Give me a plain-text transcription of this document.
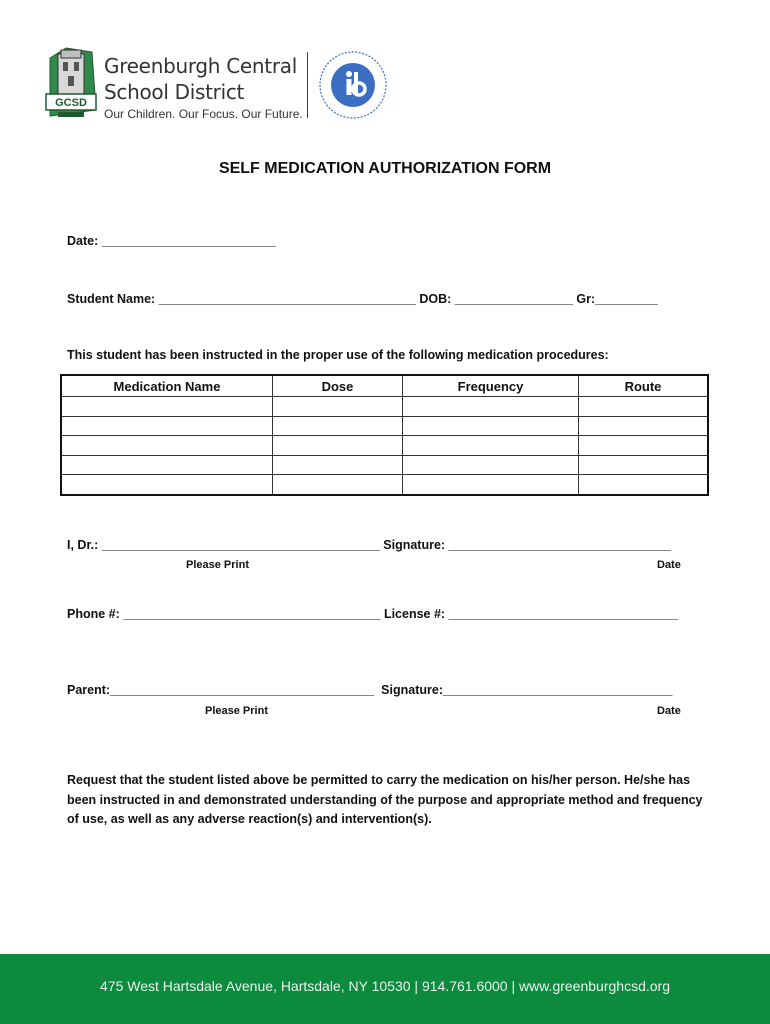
GCSD
Greenburgh Central
School District
Our Children. Our Focus. Our Future.
SELF MEDICATION AUTHORIZATION FORM
Date: _________________________
Student Name: _____________________________________ DOB: _________________ Gr:_________
This student has been instructed in the proper use of the following medication procedures:
Medication Name	Dose	Frequency	Route

I, Dr.: ________________________________________ Signature: ________________________________
Please Print	Date
Phone #: _____________________________________ License #: _________________________________
Parent:______________________________________  Signature:_________________________________
Please Print	Date
Request that the student listed above be permitted to carry the medication on his/her person. He/she has been instructed in and demonstrated understanding of the purpose and appropriate method and frequency of use, as well as any adverse reaction(s) and intervention(s).
475 West Hartsdale Avenue, Hartsdale, NY 10530 | 914.761.6000 | www.greenburghcsd.org
